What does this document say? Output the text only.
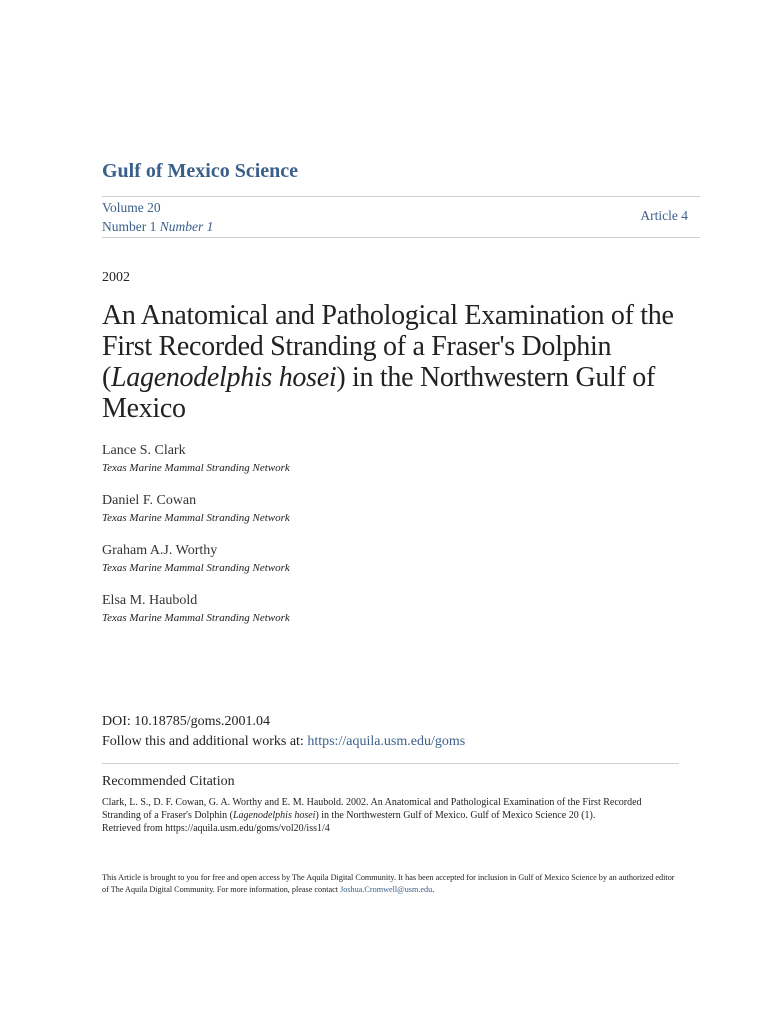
Gulf of Mexico Science
Volume 20
Number 1 Number 1
Article 4
2002
An Anatomical and Pathological Examination of the First Recorded Stranding of a Fraser's Dolphin (Lagenodelphis hosei) in the Northwestern Gulf of Mexico
Lance S. Clark
Texas Marine Mammal Stranding Network
Daniel F. Cowan
Texas Marine Mammal Stranding Network
Graham A.J. Worthy
Texas Marine Mammal Stranding Network
Elsa M. Haubold
Texas Marine Mammal Stranding Network
DOI: 10.18785/goms.2001.04
Follow this and additional works at: https://aquila.usm.edu/goms
Recommended Citation
Clark, L. S., D. F. Cowan, G. A. Worthy and E. M. Haubold. 2002. An Anatomical and Pathological Examination of the First Recorded Stranding of a Fraser's Dolphin (Lagenodelphis hosei) in the Northwestern Gulf of Mexico. Gulf of Mexico Science 20 (1).
Retrieved from https://aquila.usm.edu/goms/vol20/iss1/4
This Article is brought to you for free and open access by The Aquila Digital Community. It has been accepted for inclusion in Gulf of Mexico Science by an authorized editor of The Aquila Digital Community. For more information, please contact Joshua.Cromwell@usm.edu.
